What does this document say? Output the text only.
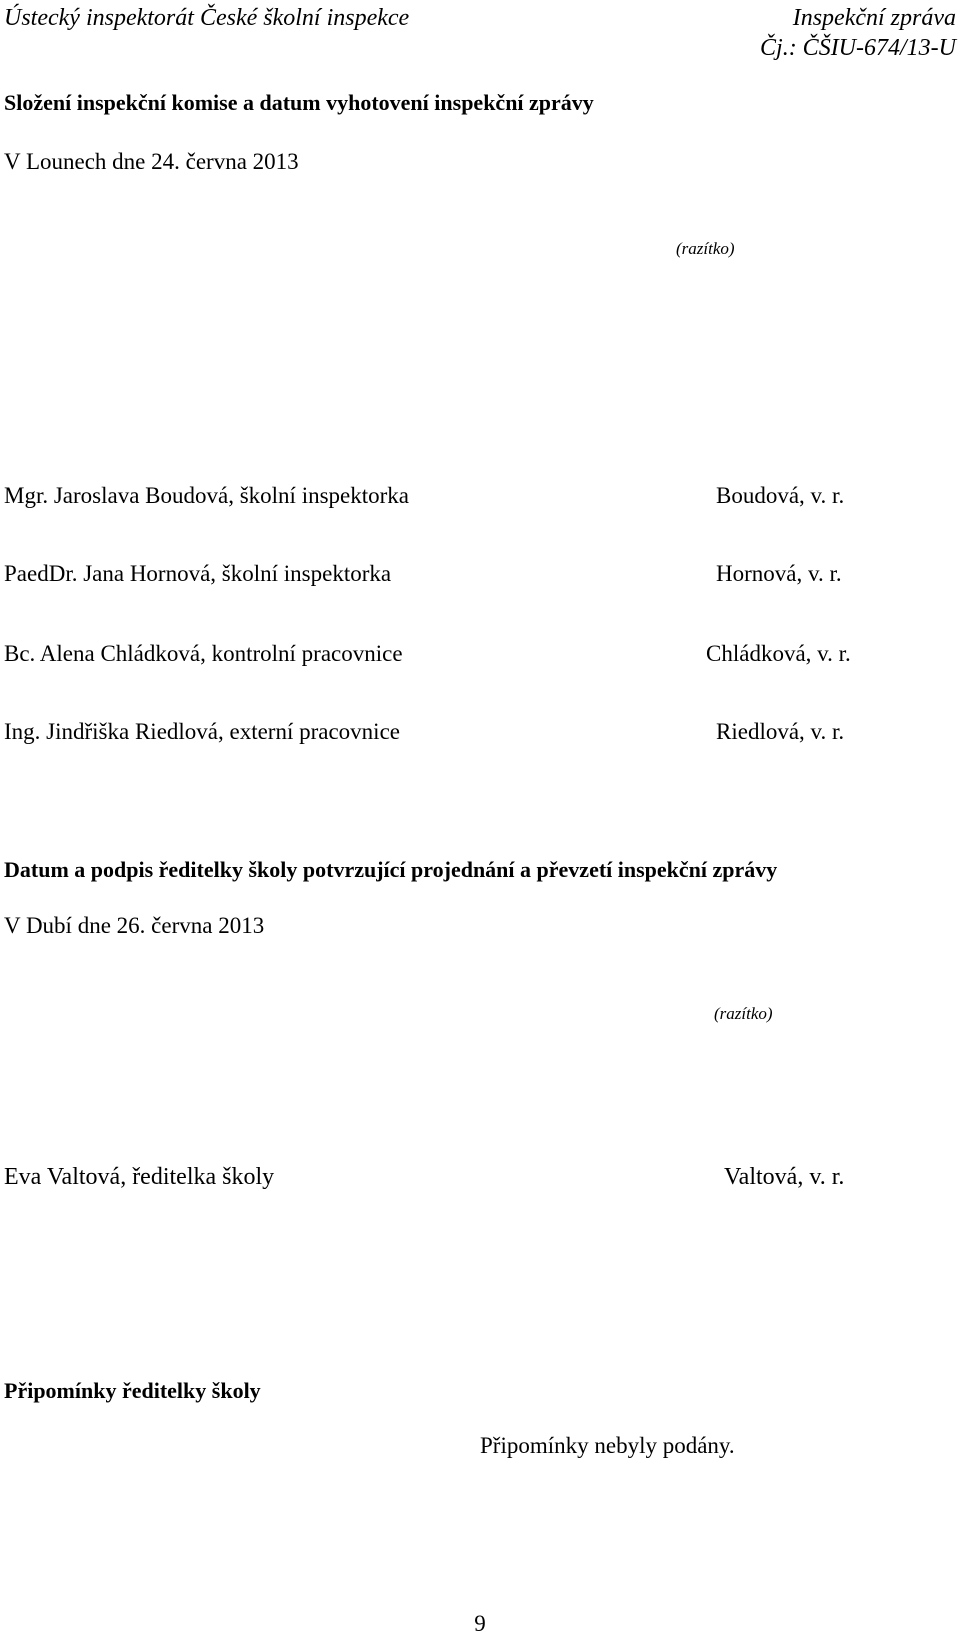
Ústecký inspektorát České školní inspekce	Inspekční zpráva
Čj.: ČŠIU-674/13-U
Složení inspekční komise a datum vyhotovení inspekční zprávy
V Lounech dne 24. června 2013
(razítko)
Mgr. Jaroslava Boudová, školní inspektorka	Boudová, v. r.
PaedDr. Jana Hornová, školní inspektorka	Hornová, v. r.
Bc. Alena Chládková, kontrolní pracovnice	Chládková, v. r.
Ing. Jindřiška Riedlová, externí pracovnice	Riedlová, v. r.
Datum a podpis ředitelky školy potvrzující projednání a převzetí inspekční zprávy
V Dubí dne 26. června 2013
(razítko)
Eva Valtová, ředitelka školy	Valtová, v. r.
Připomínky ředitelky školy
Připomínky nebyly podány.
9
